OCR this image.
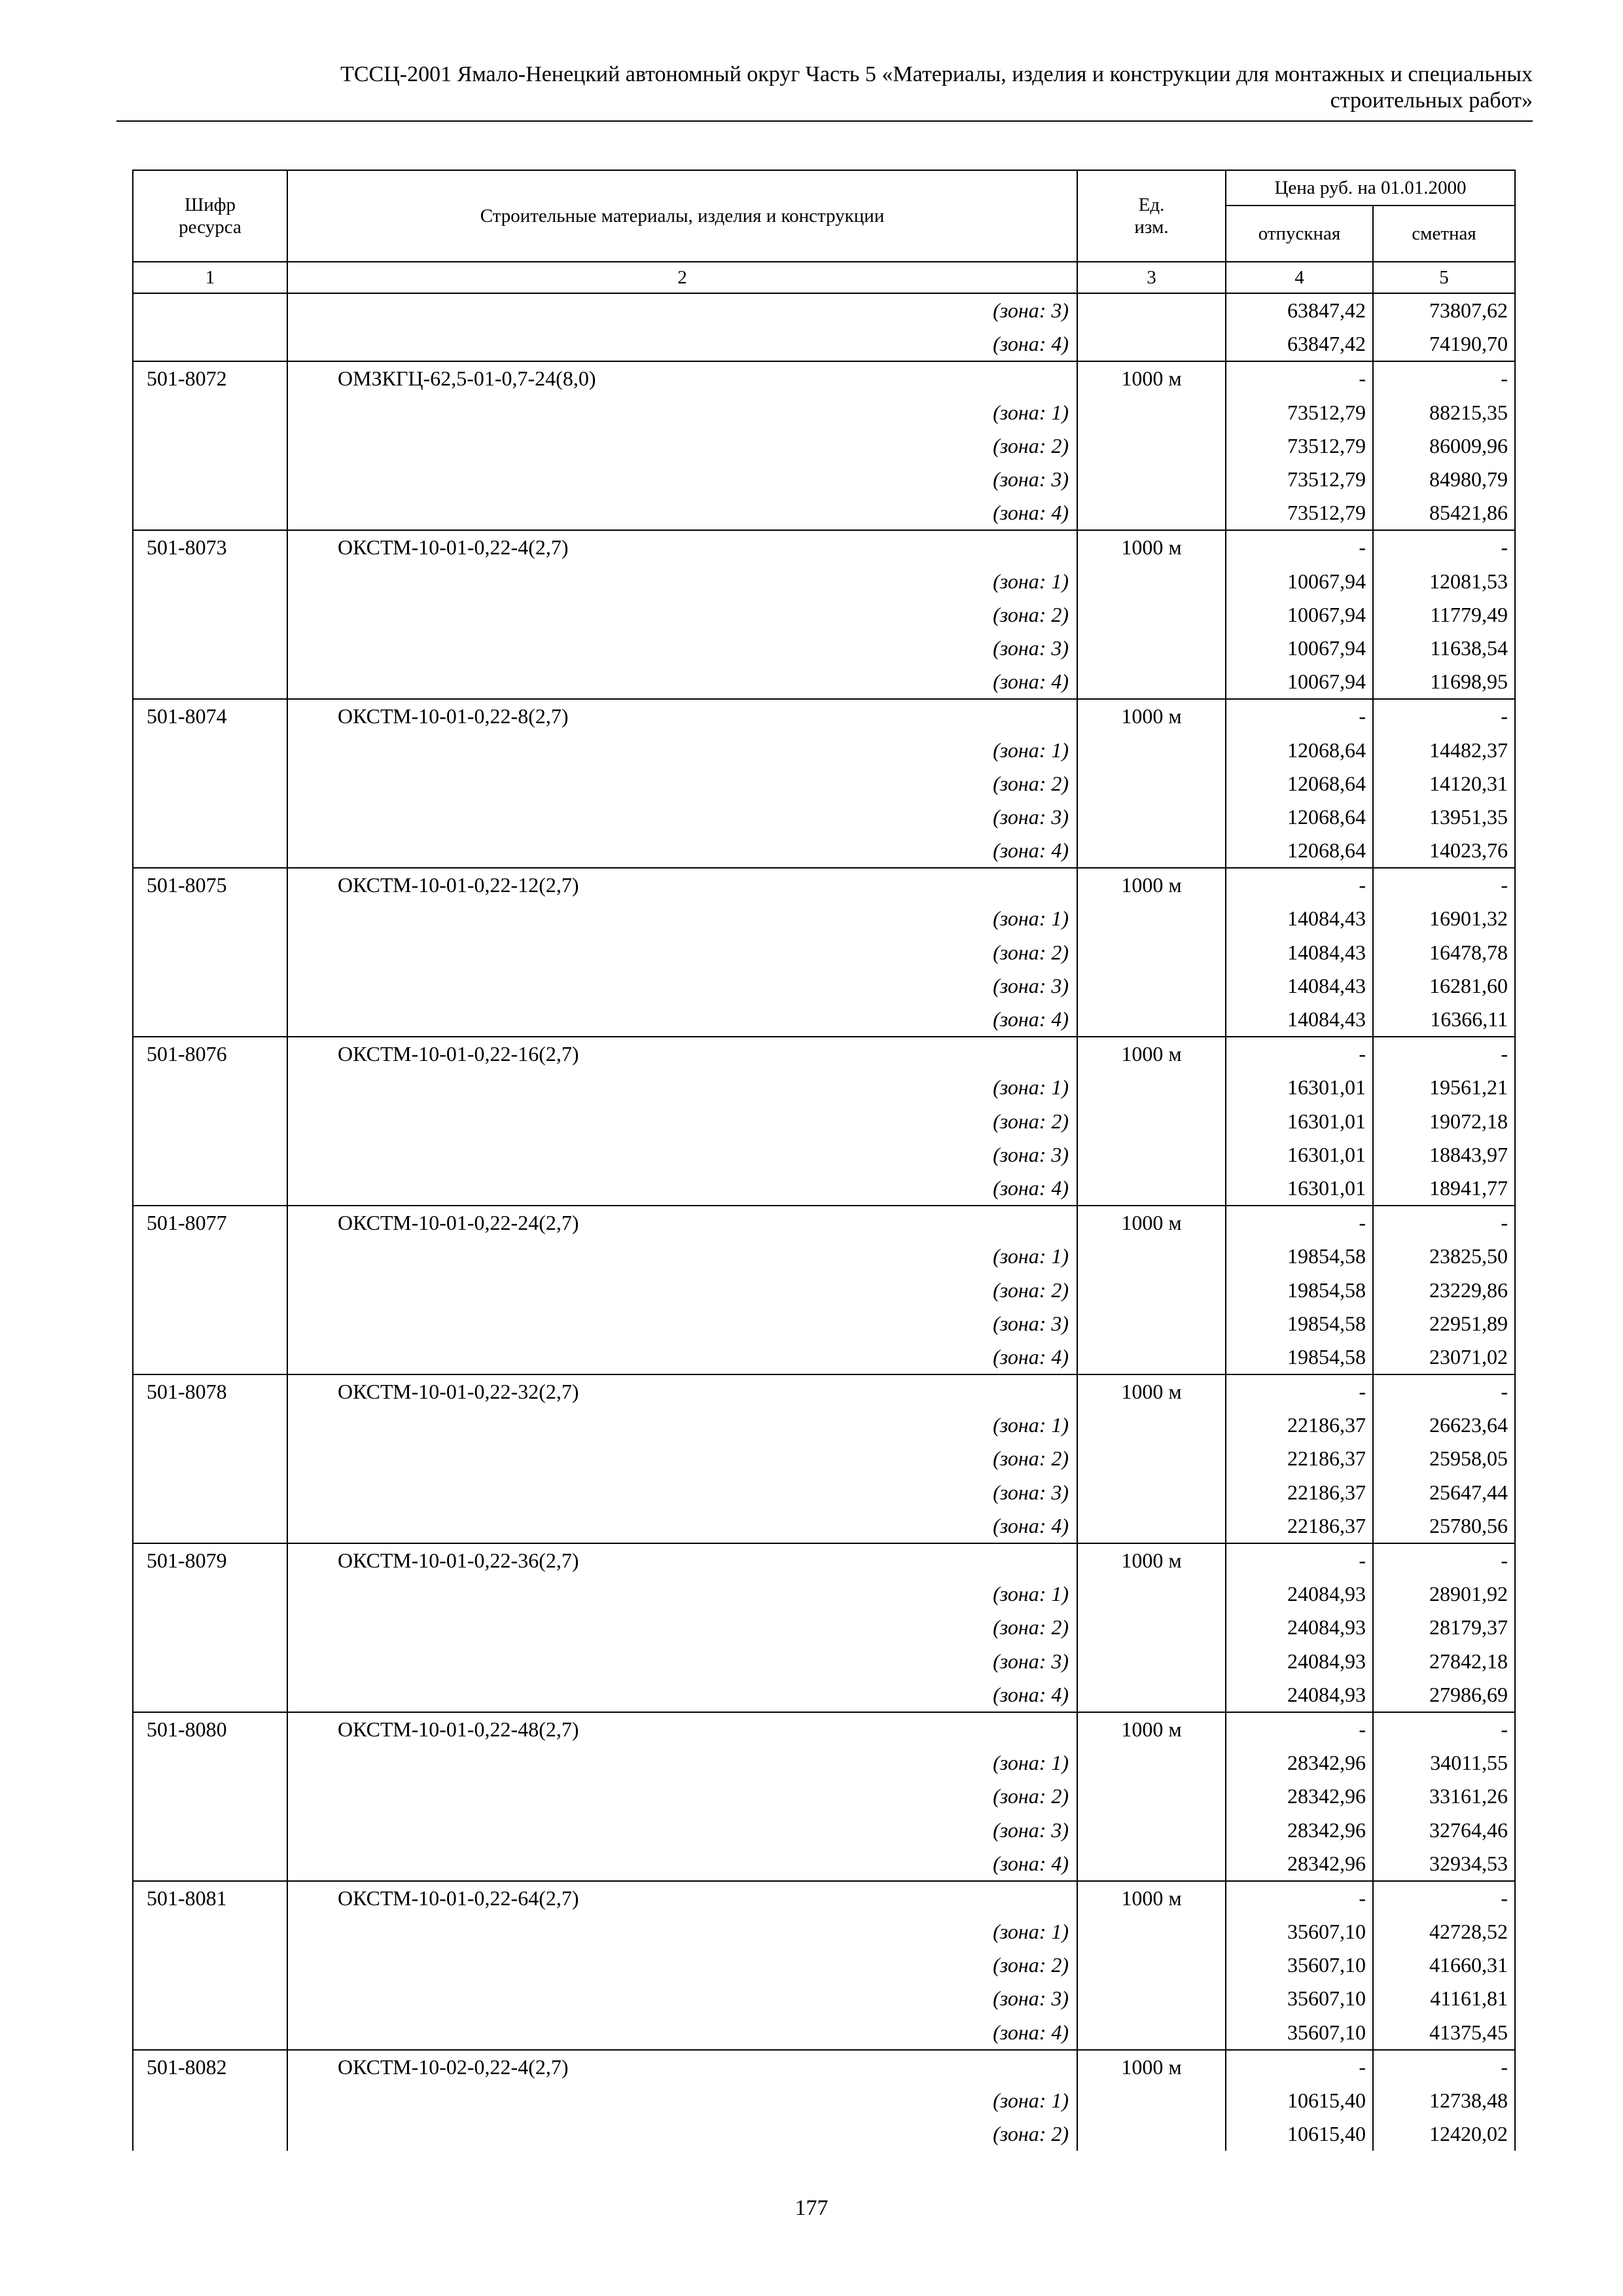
ТССЦ-2001 Ямало-Ненецкий автономный округ Часть 5 «Материалы, изделия и конструкции для монтажных и специальных
строительных работ»
Шифр ресурса	Строительные материалы, изделия и конструкции	Ед. изм.	Цена руб. на 01.01.2000	
			отпускная	сметная
1	2	3	4	5
	(зона: 3)		63847,42	73807,62
	(зона: 4)		63847,42	74190,70
501-8072	ОМЗКГЦ-62,5-01-0,7-24(8,0)	1000 м	-	-
	(зона: 1)		73512,79	88215,35
	(зона: 2)		73512,79	86009,96
	(зона: 3)		73512,79	84980,79
	(зона: 4)		73512,79	85421,86
501-8073	ОКСТМ-10-01-0,22-4(2,7)	1000 м	-	-
	(зона: 1)		10067,94	12081,53
	(зона: 2)		10067,94	11779,49
	(зона: 3)		10067,94	11638,54
	(зона: 4)		10067,94	11698,95
501-8074	ОКСТМ-10-01-0,22-8(2,7)	1000 м	-	-
	(зона: 1)		12068,64	14482,37
	(зона: 2)		12068,64	14120,31
	(зона: 3)		12068,64	13951,35
	(зона: 4)		12068,64	14023,76
501-8075	ОКСТМ-10-01-0,22-12(2,7)	1000 м	-	-
	(зона: 1)		14084,43	16901,32
	(зона: 2)		14084,43	16478,78
	(зона: 3)		14084,43	16281,60
	(зона: 4)		14084,43	16366,11
501-8076	ОКСТМ-10-01-0,22-16(2,7)	1000 м	-	-
	(зона: 1)		16301,01	19561,21
	(зона: 2)		16301,01	19072,18
	(зона: 3)		16301,01	18843,97
	(зона: 4)		16301,01	18941,77
501-8077	ОКСТМ-10-01-0,22-24(2,7)	1000 м	-	-
	(зона: 1)		19854,58	23825,50
	(зона: 2)		19854,58	23229,86
	(зона: 3)		19854,58	22951,89
	(зона: 4)		19854,58	23071,02
501-8078	ОКСТМ-10-01-0,22-32(2,7)	1000 м	-	-
	(зона: 1)		22186,37	26623,64
	(зона: 2)		22186,37	25958,05
	(зона: 3)		22186,37	25647,44
	(зона: 4)		22186,37	25780,56
501-8079	ОКСТМ-10-01-0,22-36(2,7)	1000 м	-	-
	(зона: 1)		24084,93	28901,92
	(зона: 2)		24084,93	28179,37
	(зона: 3)		24084,93	27842,18
	(зона: 4)		24084,93	27986,69
501-8080	ОКСТМ-10-01-0,22-48(2,7)	1000 м	-	-
	(зона: 1)		28342,96	34011,55
	(зона: 2)		28342,96	33161,26
	(зона: 3)		28342,96	32764,46
	(зона: 4)		28342,96	32934,53
501-8081	ОКСТМ-10-01-0,22-64(2,7)	1000 м	-	-
	(зона: 1)		35607,10	42728,52
	(зона: 2)		35607,10	41660,31
	(зона: 3)		35607,10	41161,81
	(зона: 4)		35607,10	41375,45
501-8082	ОКСТМ-10-02-0,22-4(2,7)	1000 м	-	-
	(зона: 1)		10615,40	12738,48
	(зона: 2)		10615,40	12420,02
177
